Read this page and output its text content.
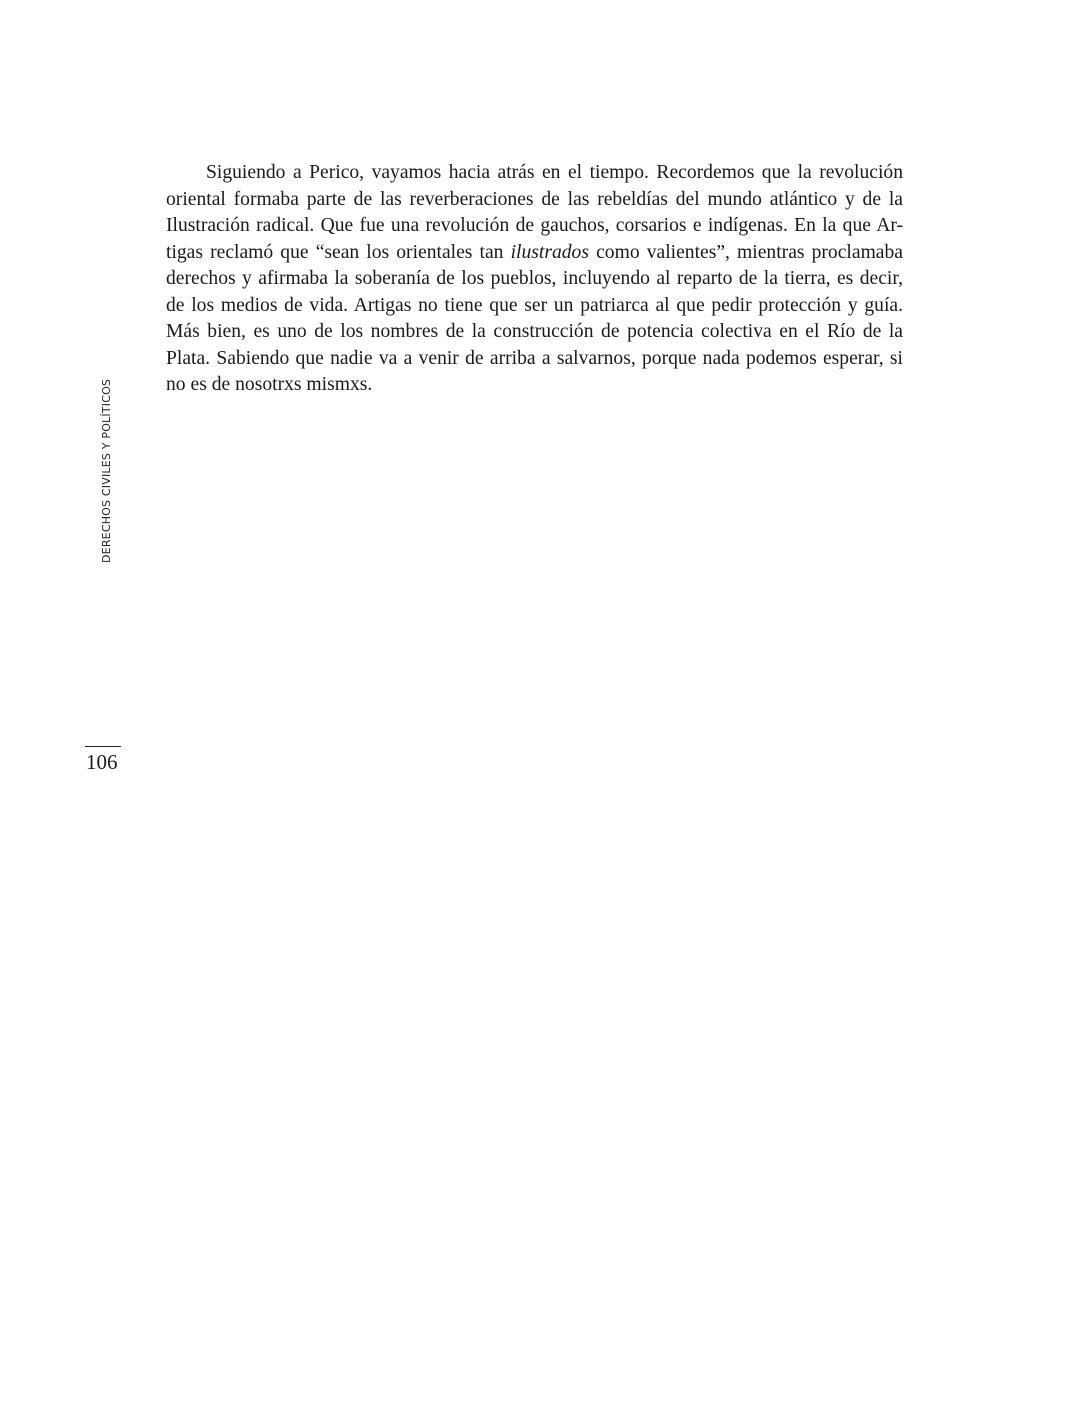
DERECHOS CIVILES Y POLÍTICOS
Siguiendo a Perico, vayamos hacia atrás en el tiempo. Recordemos que la revolución
oriental formaba parte de las reverberaciones de las rebeldías del mundo atlántico y de la
Ilustración radical. Que fue una revolución de gauchos, corsarios e indígenas. En la que Ar-
tigas reclamó que “sean los orientales tan ilustrados como valientes”, mientras proclamaba
derechos y afirmaba la soberanía de los pueblos, incluyendo al reparto de la tierra, es decir,
de los medios de vida. Artigas no tiene que ser un patriarca al que pedir protección y guía.
Más bien, es uno de los nombres de la construcción de potencia colectiva en el Río de la
Plata. Sabiendo que nadie va a venir de arriba a salvarnos, porque nada podemos esperar, si
no es de nosotrxs mismxs.
106
